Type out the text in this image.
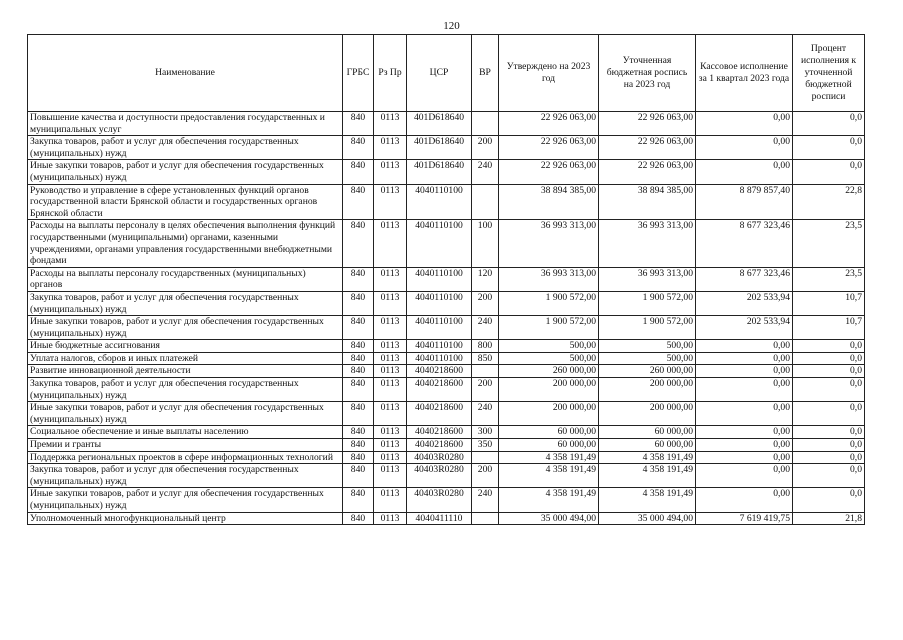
120
Наименование	ГРБС	Рз Пр	ЦСР	ВР	Утверждено на 2023 год	Уточненная бюджетная роспись на 2023 год	Кассовое исполнение за 1 квартал 2023 года	Процент исполнения к уточненной бюджетной росписи
Повышение качества и доступности предоставления государственных и муниципальных услуг	840	0113	401D618640		22 926 063,00	22 926 063,00	0,00	0,0
Закупка товаров, работ и услуг для обеспечения государственных (муниципальных) нужд	840	0113	401D618640	200	22 926 063,00	22 926 063,00	0,00	0,0
Иные закупки товаров, работ и услуг для обеспечения государственных (муниципальных) нужд	840	0113	401D618640	240	22 926 063,00	22 926 063,00	0,00	0,0
Руководство и управление в сфере установленных функций органов государственной власти Брянской области и государственных органов Брянской области	840	0113	4040110100		38 894 385,00	38 894 385,00	8 879 857,40	22,8
Расходы на выплаты персоналу в целях обеспечения выполнения функций государственными (муниципальными) органами, казенными учреждениями, органами управления государственными внебюджетными фондами	840	0113	4040110100	100	36 993 313,00	36 993 313,00	8 677 323,46	23,5
Расходы на выплаты персоналу государственных (муниципальных) органов	840	0113	4040110100	120	36 993 313,00	36 993 313,00	8 677 323,46	23,5
Закупка товаров, работ и услуг для обеспечения государственных (муниципальных) нужд	840	0113	4040110100	200	1 900 572,00	1 900 572,00	202 533,94	10,7
Иные закупки товаров, работ и услуг для обеспечения государственных (муниципальных) нужд	840	0113	4040110100	240	1 900 572,00	1 900 572,00	202 533,94	10,7
Иные бюджетные ассигнования	840	0113	4040110100	800	500,00	500,00	0,00	0,0
Уплата налогов, сборов и иных платежей	840	0113	4040110100	850	500,00	500,00	0,00	0,0
Развитие инновационной деятельности	840	0113	4040218600		260 000,00	260 000,00	0,00	0,0
Закупка товаров, работ и услуг для обеспечения государственных (муниципальных) нужд	840	0113	4040218600	200	200 000,00	200 000,00	0,00	0,0
Иные закупки товаров, работ и услуг для обеспечения государственных (муниципальных) нужд	840	0113	4040218600	240	200 000,00	200 000,00	0,00	0,0
Социальное обеспечение и иные выплаты населению	840	0113	4040218600	300	60 000,00	60 000,00	0,00	0,0
Премии и гранты	840	0113	4040218600	350	60 000,00	60 000,00	0,00	0,0
Поддержка региональных проектов в сфере информационных технологий	840	0113	40403R0280		4 358 191,49	4 358 191,49	0,00	0,0
Закупка товаров, работ и услуг для обеспечения государственных (муниципальных) нужд	840	0113	40403R0280	200	4 358 191,49	4 358 191,49	0,00	0,0
Иные закупки товаров, работ и услуг для обеспечения государственных (муниципальных) нужд	840	0113	40403R0280	240	4 358 191,49	4 358 191,49	0,00	0,0
Уполномоченный многофункциональный центр	840	0113	4040411110		35 000 494,00	35 000 494,00	7 619 419,75	21,8
